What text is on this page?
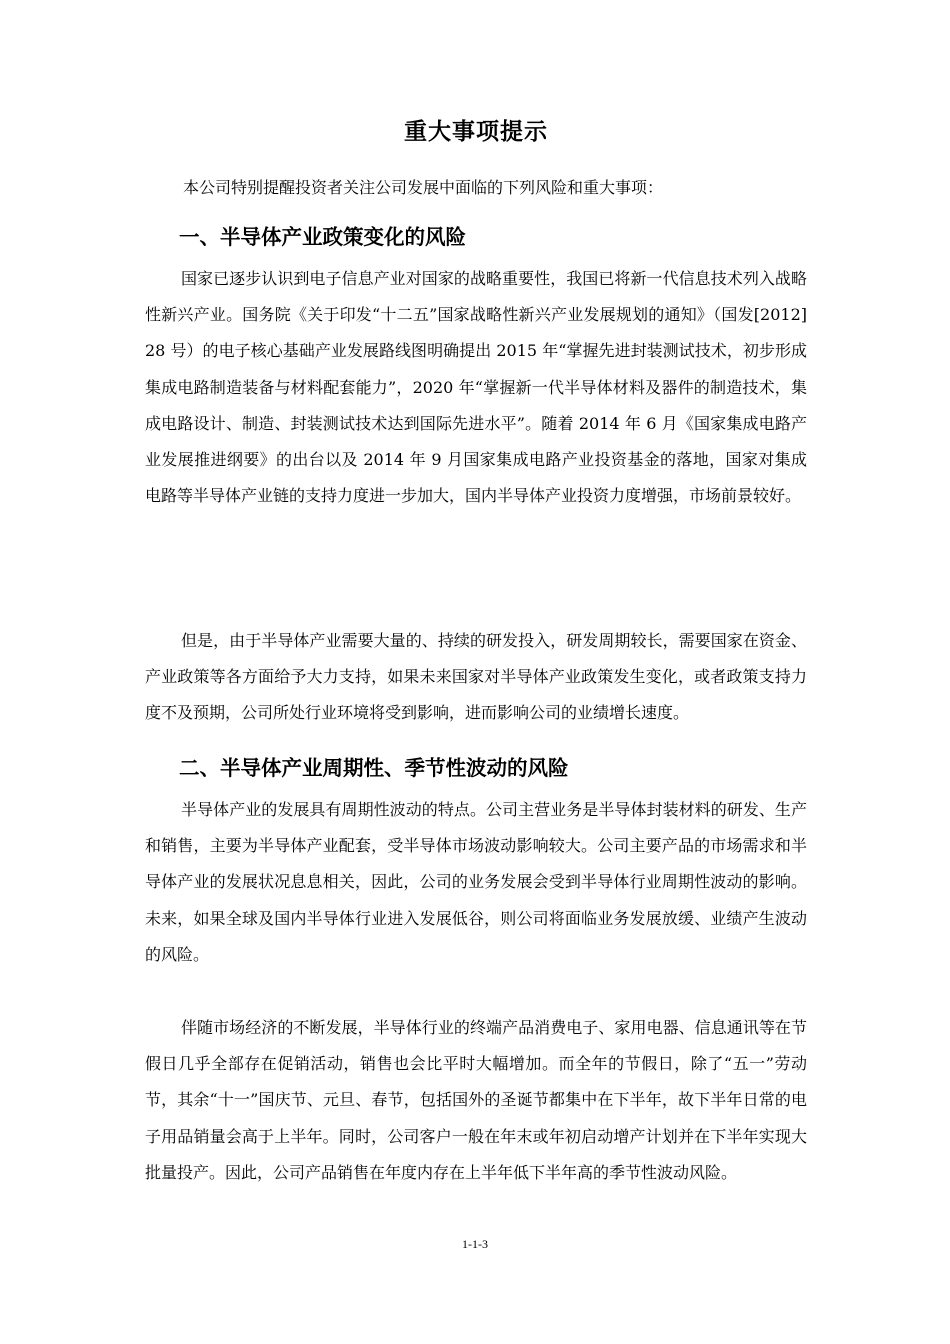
重大事项提示
本公司特别提醒投资者关注公司发展中面临的下列风险和重大事项：
一、半导体产业政策变化的风险
国家已逐步认识到电子信息产业对国家的战略重要性，我国已将新一代信息技术列入战略性新兴产业。国务院《关于印发“十二五”国家战略性新兴产业发展规划的通知》（国发[2012]28 号）的电子核心基础产业发展路线图明确提出 2015 年“掌握先进封装测试技术，初步形成集成电路制造装备与材料配套能力”，2020 年“掌握新一代半导体材料及器件的制造技术，集成电路设计、制造、封装测试技术达到国际先进水平”。随着 2014 年 6 月《国家集成电路产业发展推进纲要》的出台以及 2014 年 9 月国家集成电路产业投资基金的落地，国家对集成电路等半导体产业链的支持力度进一步加大，国内半导体产业投资力度增强，市场前景较好。
但是，由于半导体产业需要大量的、持续的研发投入，研发周期较长，需要国家在资金、产业政策等各方面给予大力支持，如果未来国家对半导体产业政策发生变化，或者政策支持力度不及预期，公司所处行业环境将受到影响，进而影响公司的业绩增长速度。
二、半导体产业周期性、季节性波动的风险
半导体产业的发展具有周期性波动的特点。公司主营业务是半导体封装材料的研发、生产和销售，主要为半导体产业配套，受半导体市场波动影响较大。公司主要产品的市场需求和半导体产业的发展状况息息相关，因此，公司的业务发展会受到半导体行业周期性波动的影响。未来，如果全球及国内半导体行业进入发展低谷，则公司将面临业务发展放缓、业绩产生波动的风险。
伴随市场经济的不断发展，半导体行业的终端产品消费电子、家用电器、信息通讯等在节假日几乎全部存在促销活动，销售也会比平时大幅增加。而全年的节假日，除了“五一”劳动节，其余“十一”国庆节、元旦、春节，包括国外的圣诞节都集中在下半年，故下半年日常的电子用品销量会高于上半年。同时，公司客户一般在年末或年初启动增产计划并在下半年实现大批量投产。因此，公司产品销售在年度内存在上半年低下半年高的季节性波动风险。
1-1-3
